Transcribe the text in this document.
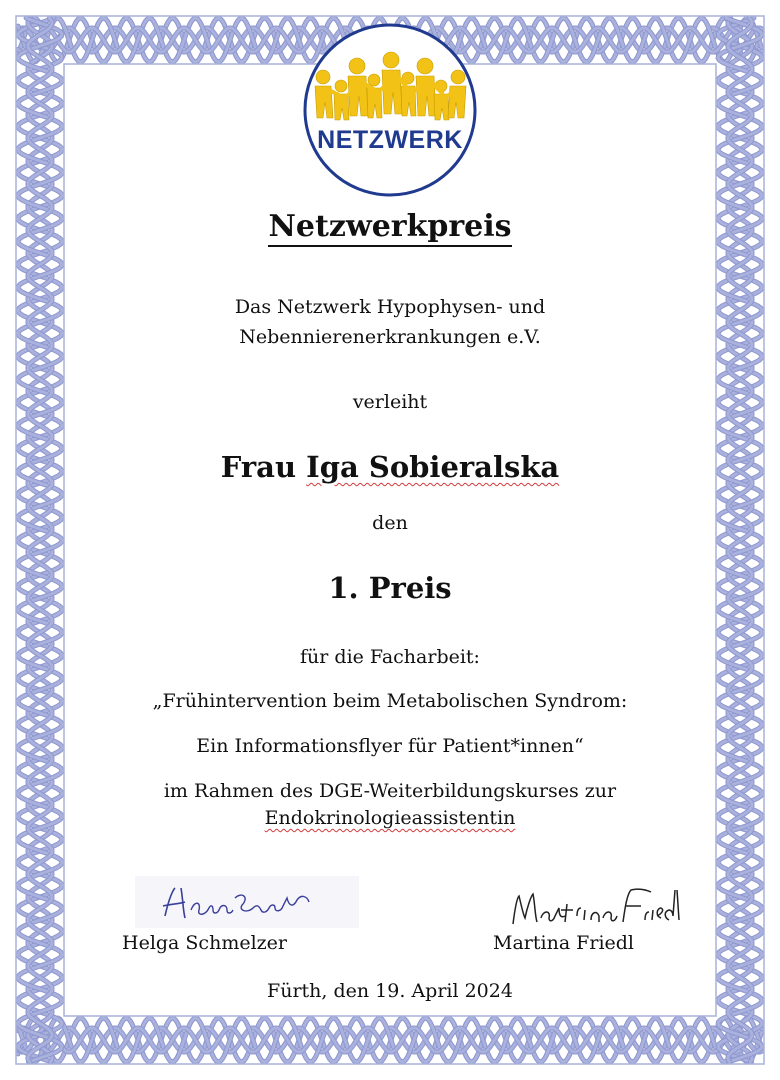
NETZWERK
Netzwerkpreis
Das Netzwerk Hypophysen- und
Nebennierenerkrankungen e.V.
verleiht
Frau Iga Sobieralska
den
1. Preis
für die Facharbeit:
„Frühintervention beim Metabolischen Syndrom:
Ein Informationsflyer für Patient*innen“
im Rahmen des DGE-Weiterbildungskurses zur
Endokrinologieassistentin
Helga Schmelzer	Martina Friedl
Fürth, den 19. April 2024
